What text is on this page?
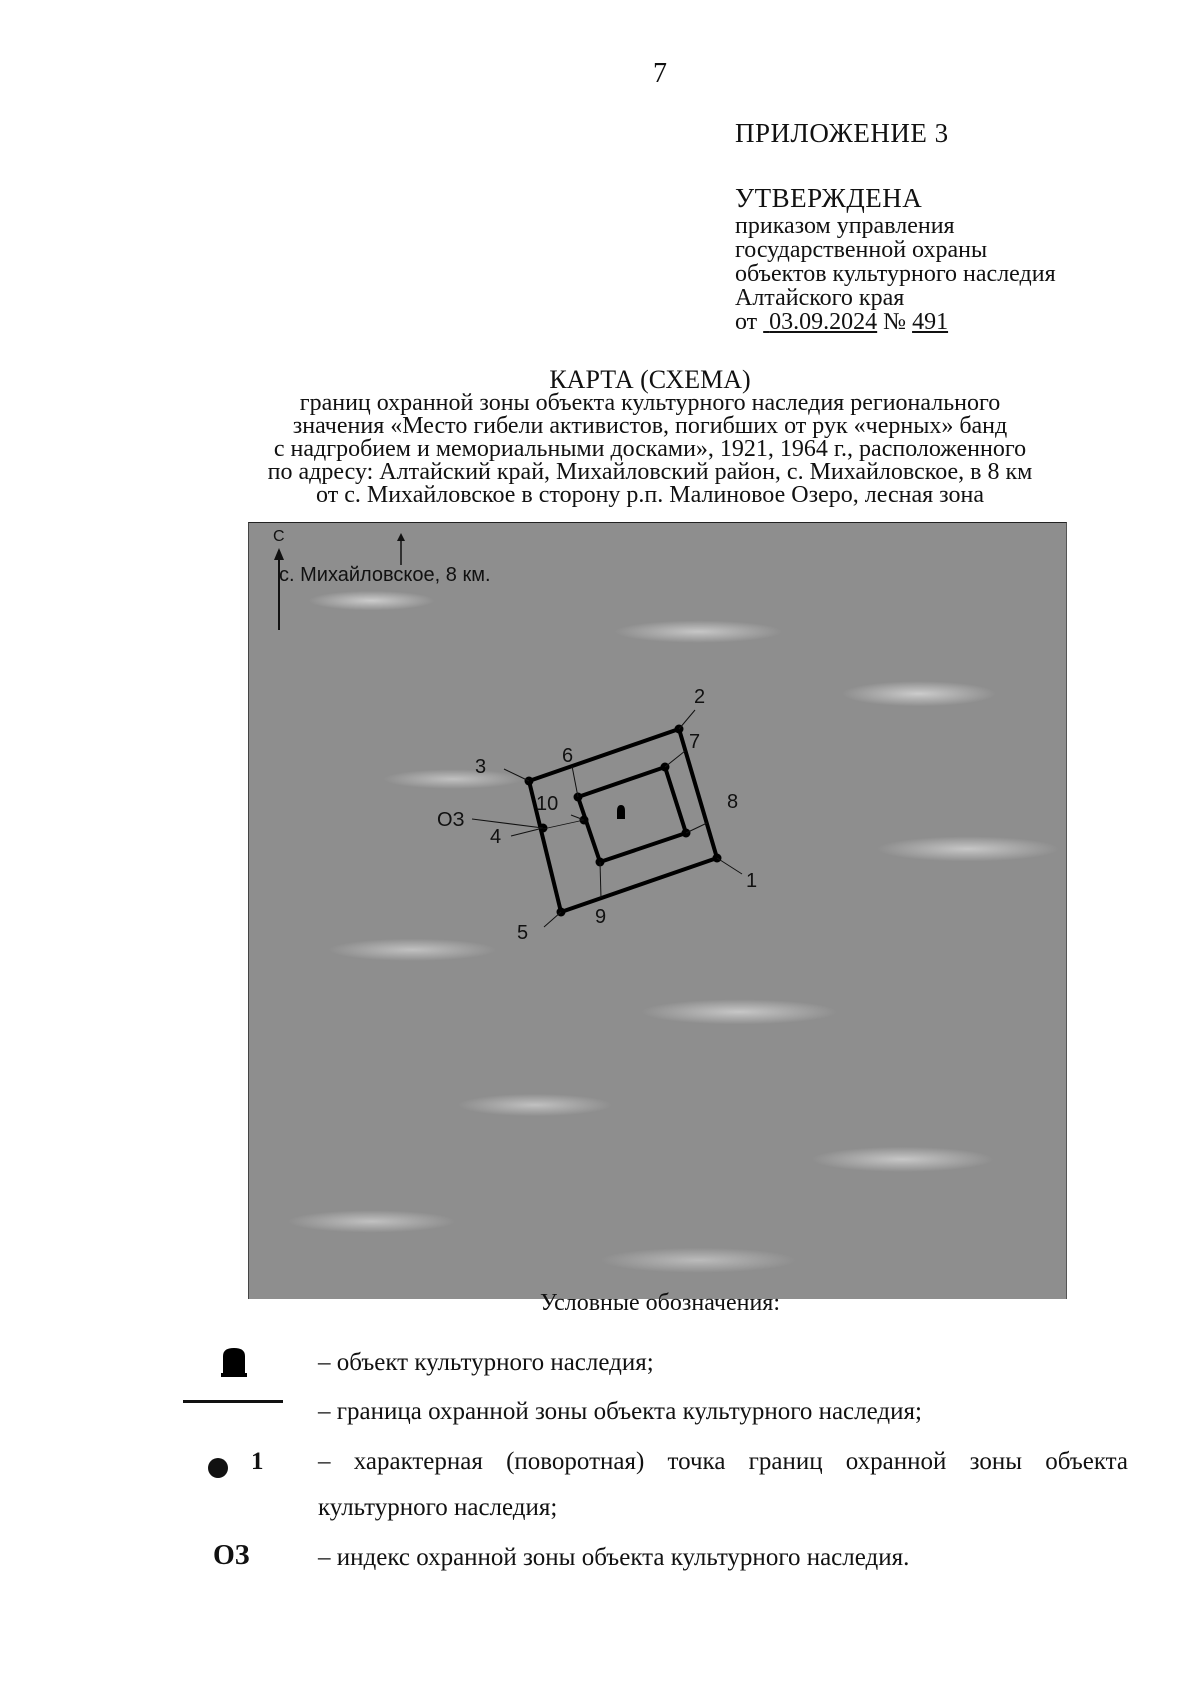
7
ПРИЛОЖЕНИЕ 3
УТВЕРЖДЕНА
приказом управления
государственной охраны
объектов культурного наследия
Алтайского края
от 03.09.2024 № 491
КАРТА (СХЕМА)
границ охранной зоны объекта культурного наследия регионального
значения «Место гибели активистов, погибших от рук «черных» банд
с надгробием и мемориальными досками», 1921, 1964 г., расположенного
по адресу: Алтайский край, Михайловский район, с. Михайловское, в 8 км
от с. Михайловское в сторону р.п. Малиновое Озеро, лесная зона
С
с. Михайловское, 8 км.
1
2
3
4
5
6
7
8
9
10
ОЗ
Условные обозначения:
– объект культурного наследия;
– граница охранной зоны объекта культурного наследия;
1 – характерная (поворотная) точка границ охранной зоны объекта
культурного наследия;
ОЗ	– индекс охранной зоны объекта культурного наследия.
